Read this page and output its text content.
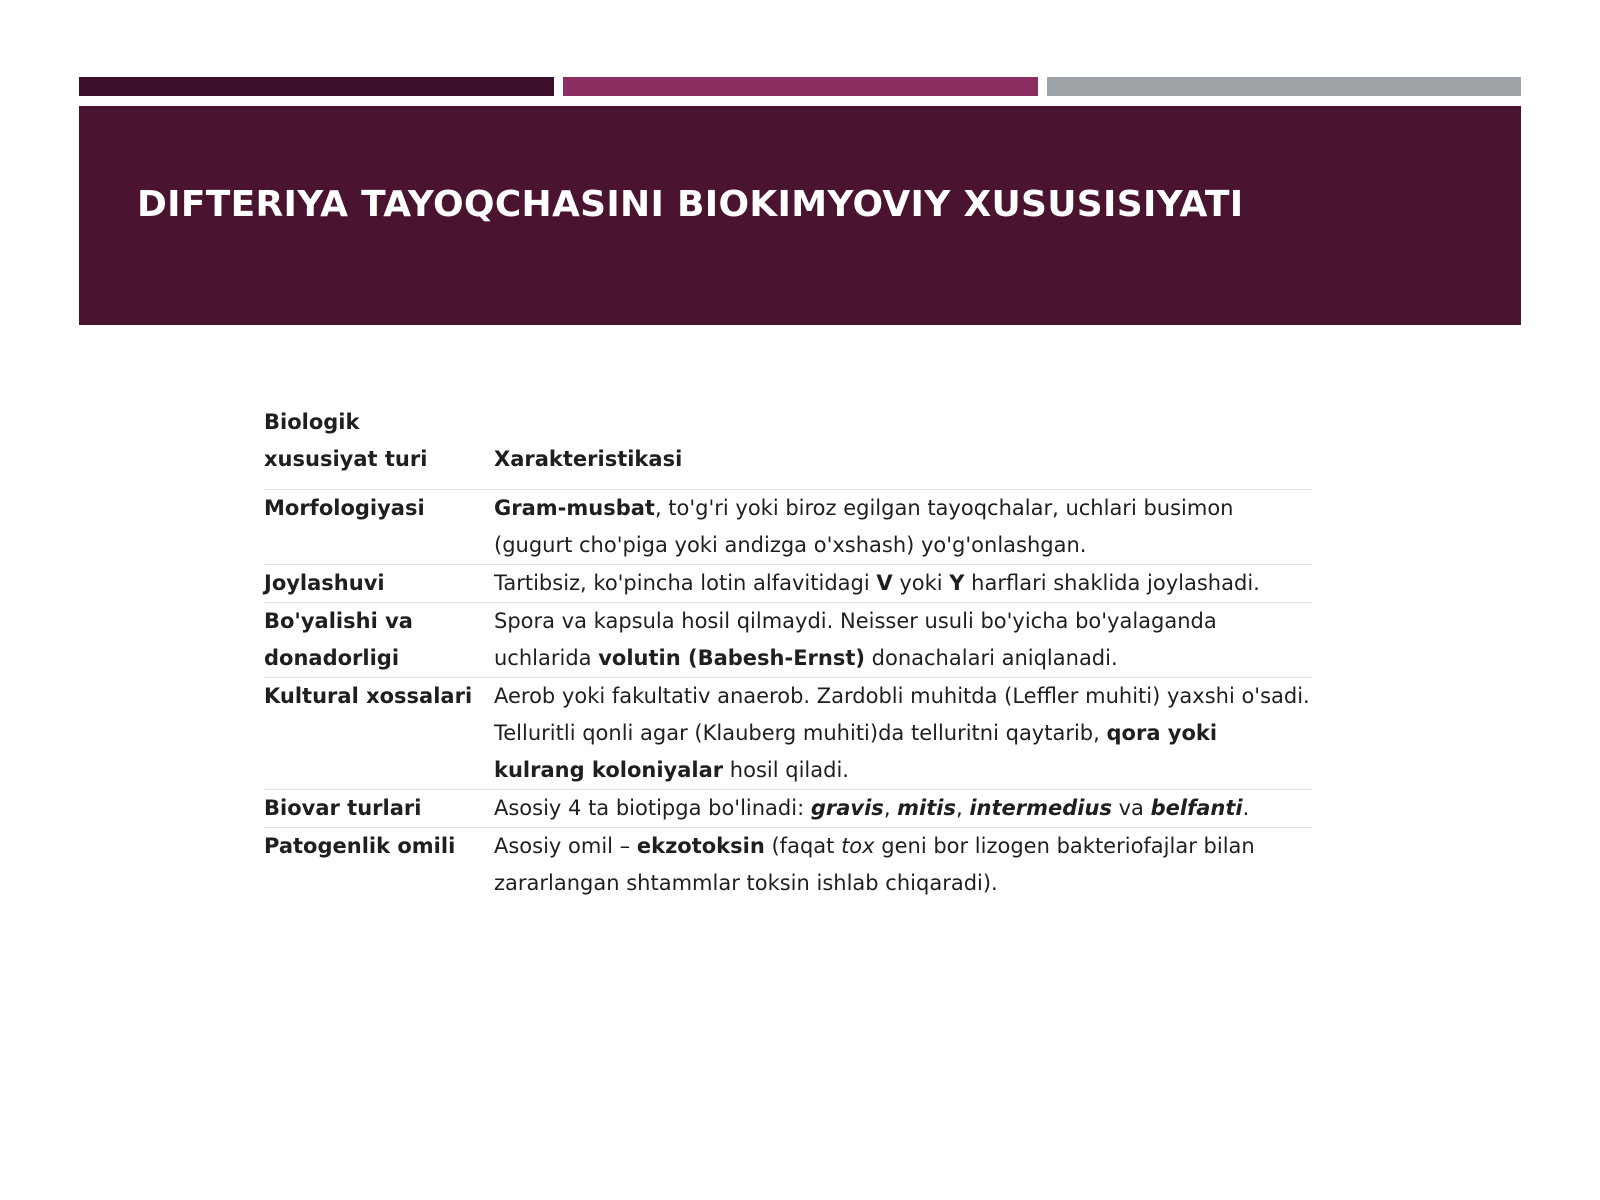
DIFTERIYA TAYOQCHASINI BIOKIMYOVIY XUSUSISIYATI
Biologik
xususiyat turi	Xarakteristikasi
Morfologiyasi	Gram-musbat, to'g'ri yoki biroz egilgan tayoqchalar, uchlari busimon (gugurt cho'piga yoki andizga o'xshash) yo'g'onlashgan.
Joylashuvi	Tartibsiz, ko'pincha lotin alfavitidagi V yoki Y harflari shaklida joylashadi.
Bo'yalishi va
donadorligi	Spora va kapsula hosil qilmaydi. Neisser usuli bo'yicha bo'yalaganda uchlarida volutin (Babesh-Ernst) donachalari aniqlanadi.
Kultural xossalari	Aerob yoki fakultativ anaerob. Zardobli muhitda (Leffler muhiti) yaxshi o'sadi. Telluritli qonli agar (Klauberg muhiti)da telluritni qaytarib, qora yoki kulrang koloniyalar hosil qiladi.
Biovar turlari	Asosiy 4 ta biotipga bo'linadi: gravis, mitis, intermedius va belfanti.
Patogenlik omili	Asosiy omil – ekzotoksin (faqat tox geni bor lizogen bakteriofajlar bilan zararlangan shtammlar toksin ishlab chiqaradi).
